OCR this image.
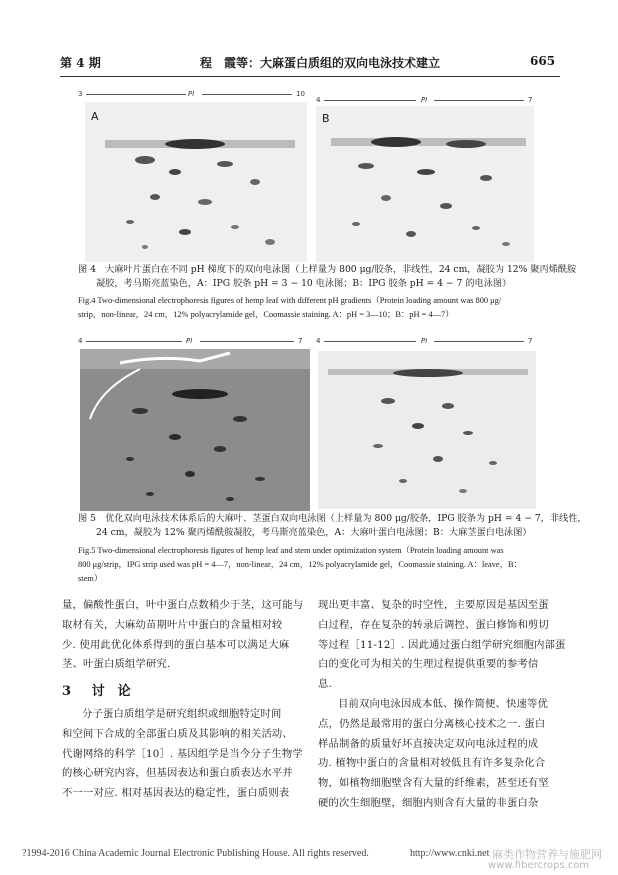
第 4 期	程　霞等：大麻蛋白质组的双向电泳技术建立	665
3	PI	10
A
4	PI	7
B
图 4　大麻叶片蛋白在不同 pH 梯度下的双向电泳图（上样量为 800 μg/胶条，非线性，24 cm，凝胶为 12% 聚丙烯酰胺
凝胶，考马斯亮蓝染色，A：IPG 胶条 pH = 3 − 10 电泳图；B：IPG 胶条 pH = 4 − 7 的电泳图）
Fig.4 Two-dimensional electrophoresis figures of hemp leaf with different pH gradients（Protein loading amount was 800 μg/
strip，non-linear，24 cm，12% polyacrylamide gel，Coomassie staining. A：pH = 3—10；B：pH = 4—7）
4	PI	7 4	PI	7
图 5　优化双向电泳技术体系后的大麻叶、茎蛋白双向电泳图（上样量为 800 μg/胶条，IPG 胶条为 pH = 4 − 7，非线性，
24 cm，凝胶为 12% 聚丙烯酰胺凝胶，考马斯亮蓝染色，A：大麻叶蛋白电泳图；B：大麻茎蛋白电泳图）
Fig.5 Two-dimensional electrophoresis figures of hemp leaf and stem under optimization system（Protein loading amount was
800 μg/strip，IPG strip used was pH = 4—7，non-linear，24 cm，12% polyacrylamide gel，Coomassie staining. A：leave，B：
stem）
量，偏酸性蛋白，叶中蛋白点数稍少于茎，这可能与
取材有关，大麻幼苗期叶片中蛋白的含量相对较
少. 使用此优化体系得到的蛋白基本可以满足大麻
茎、叶蛋白质组学研究.
3 讨　论
分子蛋白质组学是研究组织或细胞特定时间
和空间下合成的全部蛋白质及其影响的相关活动、
代谢网络的科学［10］. 基因组学是当今分子生物学
的核心研究内容，但基因表达和蛋白质表达水平并
不一一对应. 相对基因表达的稳定性，蛋白质则表
现出更丰富、复杂的时空性，主要原因是基因至蛋
白过程，存在复杂的转录后调控、蛋白修饰和剪切
等过程［11-12］. 因此通过蛋白组学研究细胞内部蛋
白的变化可为相关的生理过程提供重要的参考信
息.
目前双向电泳因成本低、操作简便、快速等优
点，仍然是最常用的蛋白分离核心技术之一. 蛋白
样品制备的质量好坏直接决定双向电泳过程的成
功. 植物中蛋白的含量相对较低且有许多复杂化合
物，如植物细胞壁含有大量的纤维素，甚至还有坚
硬的次生细胞壁，细胞内则含有大量的非蛋白杂
?1994-2016 China Academic Journal Electronic Publishing House. All rights reserved.	http://www.cnki.net 麻类作物营养与施肥网
www.fibercrops.com
